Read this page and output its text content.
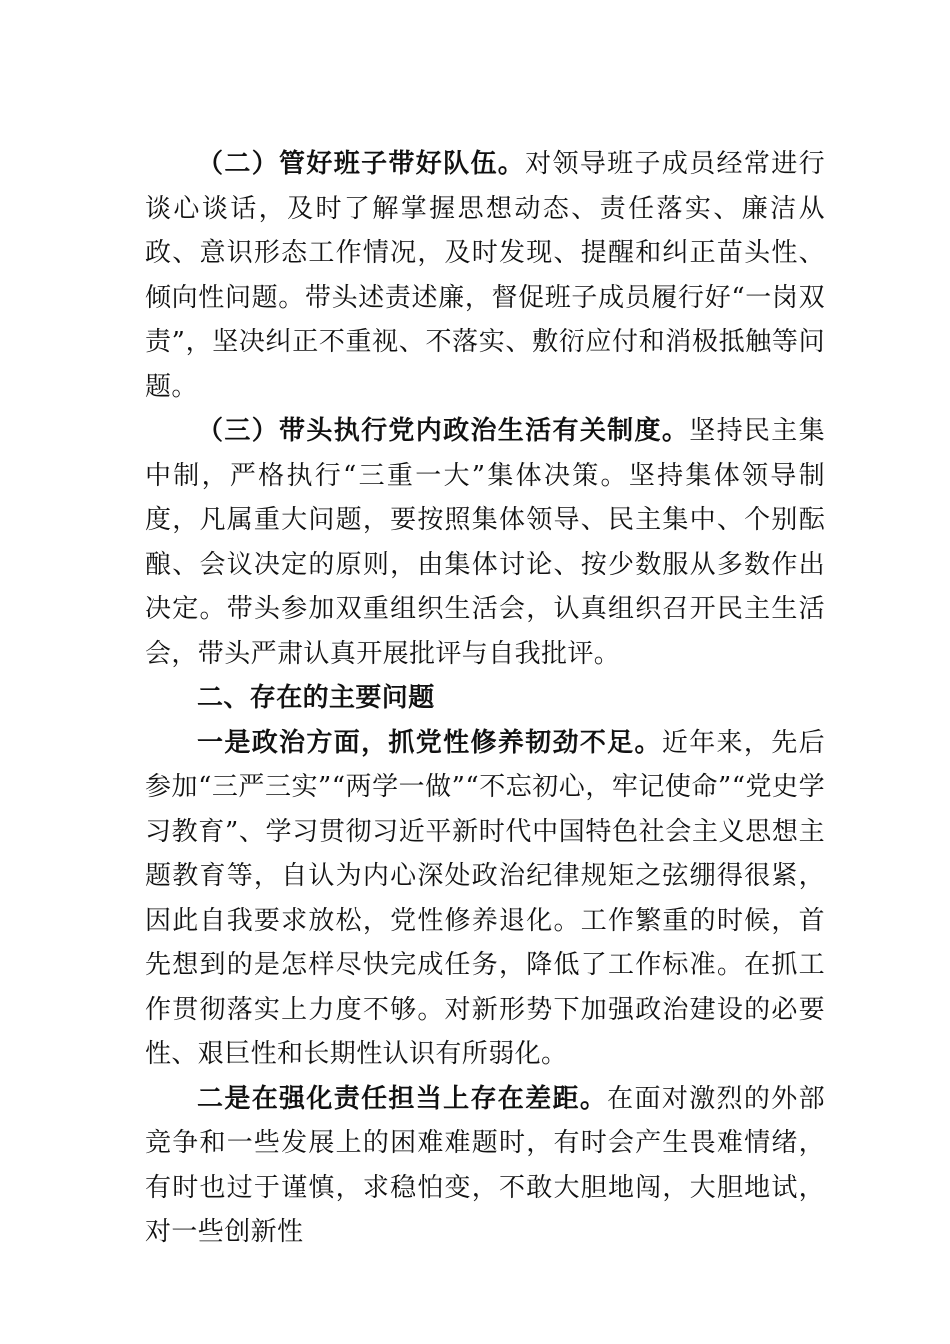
（二）管好班子带好队伍。对领导班子成员经常进行谈心谈话，及时了解掌握思想动态、责任落实、廉洁从政、意识形态工作情况，及时发现、提醒和纠正苗头性、倾向性问题。带头述责述廉，督促班子成员履行好“一岗双责”，坚决纠正不重视、不落实、敷衍应付和消极抵触等问题。

（三）带头执行党内政治生活有关制度。坚持民主集中制，严格执行“三重一大”集体决策。坚持集体领导制度，凡属重大问题，要按照集体领导、民主集中、个别酝酿、会议决定的原则，由集体讨论、按少数服从多数作出决定。带头参加双重组织生活会，认真组织召开民主生活会，带头严肃认真开展批评与自我批评。

二、存在的主要问题

一是政治方面，抓党性修养韧劲不足。近年来，先后参加“三严三实”“两学一做”“不忘初心，牢记使命”“党史学习教育”、学习贯彻习近平新时代中国特色社会主义思想主题教育等，自认为内心深处政治纪律规矩之弦绷得很紧，因此自我要求放松，党性修养退化。工作繁重的时候，首先想到的是怎样尽快完成任务，降低了工作标准。在抓工作贯彻落实上力度不够。对新形势下加强政治建设的必要性、艰巨性和长期性认识有所弱化。

二是在强化责任担当上存在差距。在面对激烈的外部竞争和一些发展上的困难难题时，有时会产生畏难情绪，有时也过于谨慎，求稳怕变，不敢大胆地闯，大胆地试，对一些创新性
